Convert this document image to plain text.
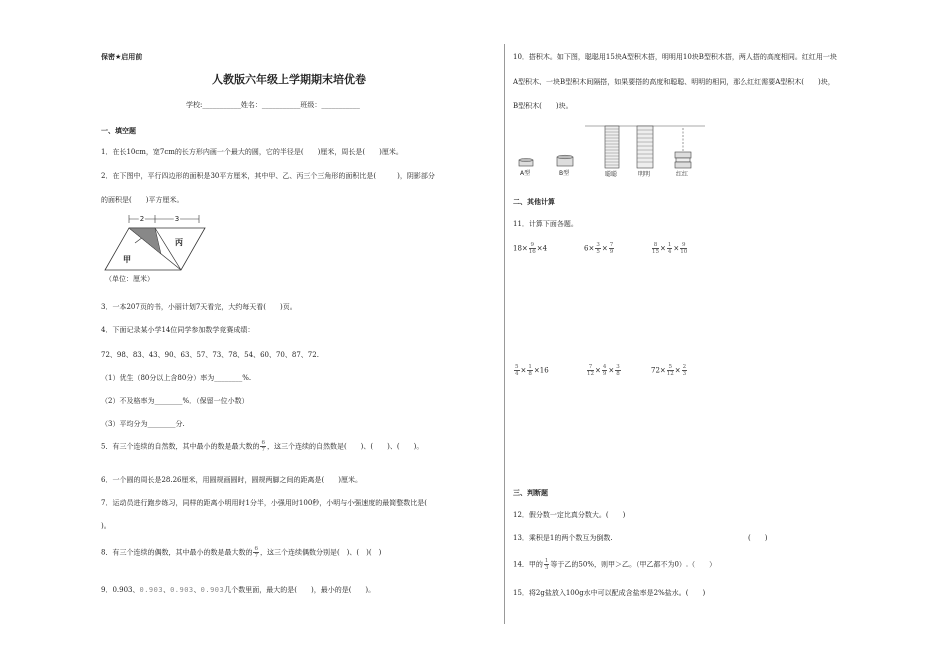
保密★启用前
人教版六年级上学期期末培优卷
学校:___________姓名：___________班级：___________
一、填空题
1．在长10cm，宽7cm的长方形内画一个最大的圆，它的半径是(　　)厘米，周长是(　　)厘米。
2．在下图中，平行四边形的面积是30平方厘米，其中甲、乙、丙三个三角形的面积比是(　　　)，阴影部分
的面积是(　　)平方厘米。
2	3
甲
丙
（单位：厘米）
3．一本207页的书，小丽计划7天看完，大约每天看(　　)页。
4．下面记录某小学14位同学参加数学竞赛成绩：
72、98、83、43、90、63、57、73、78、54、60、70、87、72.
（1）优生（80分以上含80分）率为________%.
（2）不及格率为________%．（保留一位小数）
（3）平均分为________分.
5．有三个连续的自然数，其中最小的数是最大数的 $\frac{6}{7}$ ，这三个连续的自然数是(　　)、(　　)、(　　)。
6．一个圆的周长是28.26厘米，用圆规画圆时，圆规两脚之间的距离是(　　)厘米。
7．运动员进行跑步练习，同样的距离小明用时1分半，小强用时100秒，小明与小强速度的最简整数比是(
)。
8．有三个连续的偶数，其中最小的数是最大数的 $\frac{6}{7}$ ，这三个连续偶数分别是(　)、(　)(　)
9．0.903、0.903、0.903、0.903几个数里面，最大的是(　　)，最小的是(　　)。
10．搭积木。如下图，聪聪用15块A型积木搭，明明用10块B型积木搭，两人搭的高度相同。红红用一块
A型积木、一块B型积木间隔搭，如果要搭的高度和聪聪、明明的相同，那么红红需要A型积木(　　)块，
B型积木(　　)块。
A型	B型	聪聪	明明	红红
二、其他计算
11．计算下面各题。
$18\times \frac{9}{16} \times 4$	$6\times \frac{3}{5} \times \frac{7}{9}$	$\frac{8}{15} \times \frac{1}{4} \times \frac{9}{10}$
$\frac{5}{4} \times \frac{1}{8} \times 16$	$\frac{7}{12} \times \frac{4}{9} \times \frac{3}{8}$	$72\times \frac{5}{12} \times \frac{2}{3}$
三、判断题
12．假分数一定比真分数大。(　　)
13．乘积是1的两个数互为倒数.	(　　)
14．甲的 $\frac{1}{3}$ 等于乙的50%，则甲＞乙。（甲乙都不为0）.（　　）
15．将2g盐放入100g水中可以配成含盐率是2%盐水。(　　)
